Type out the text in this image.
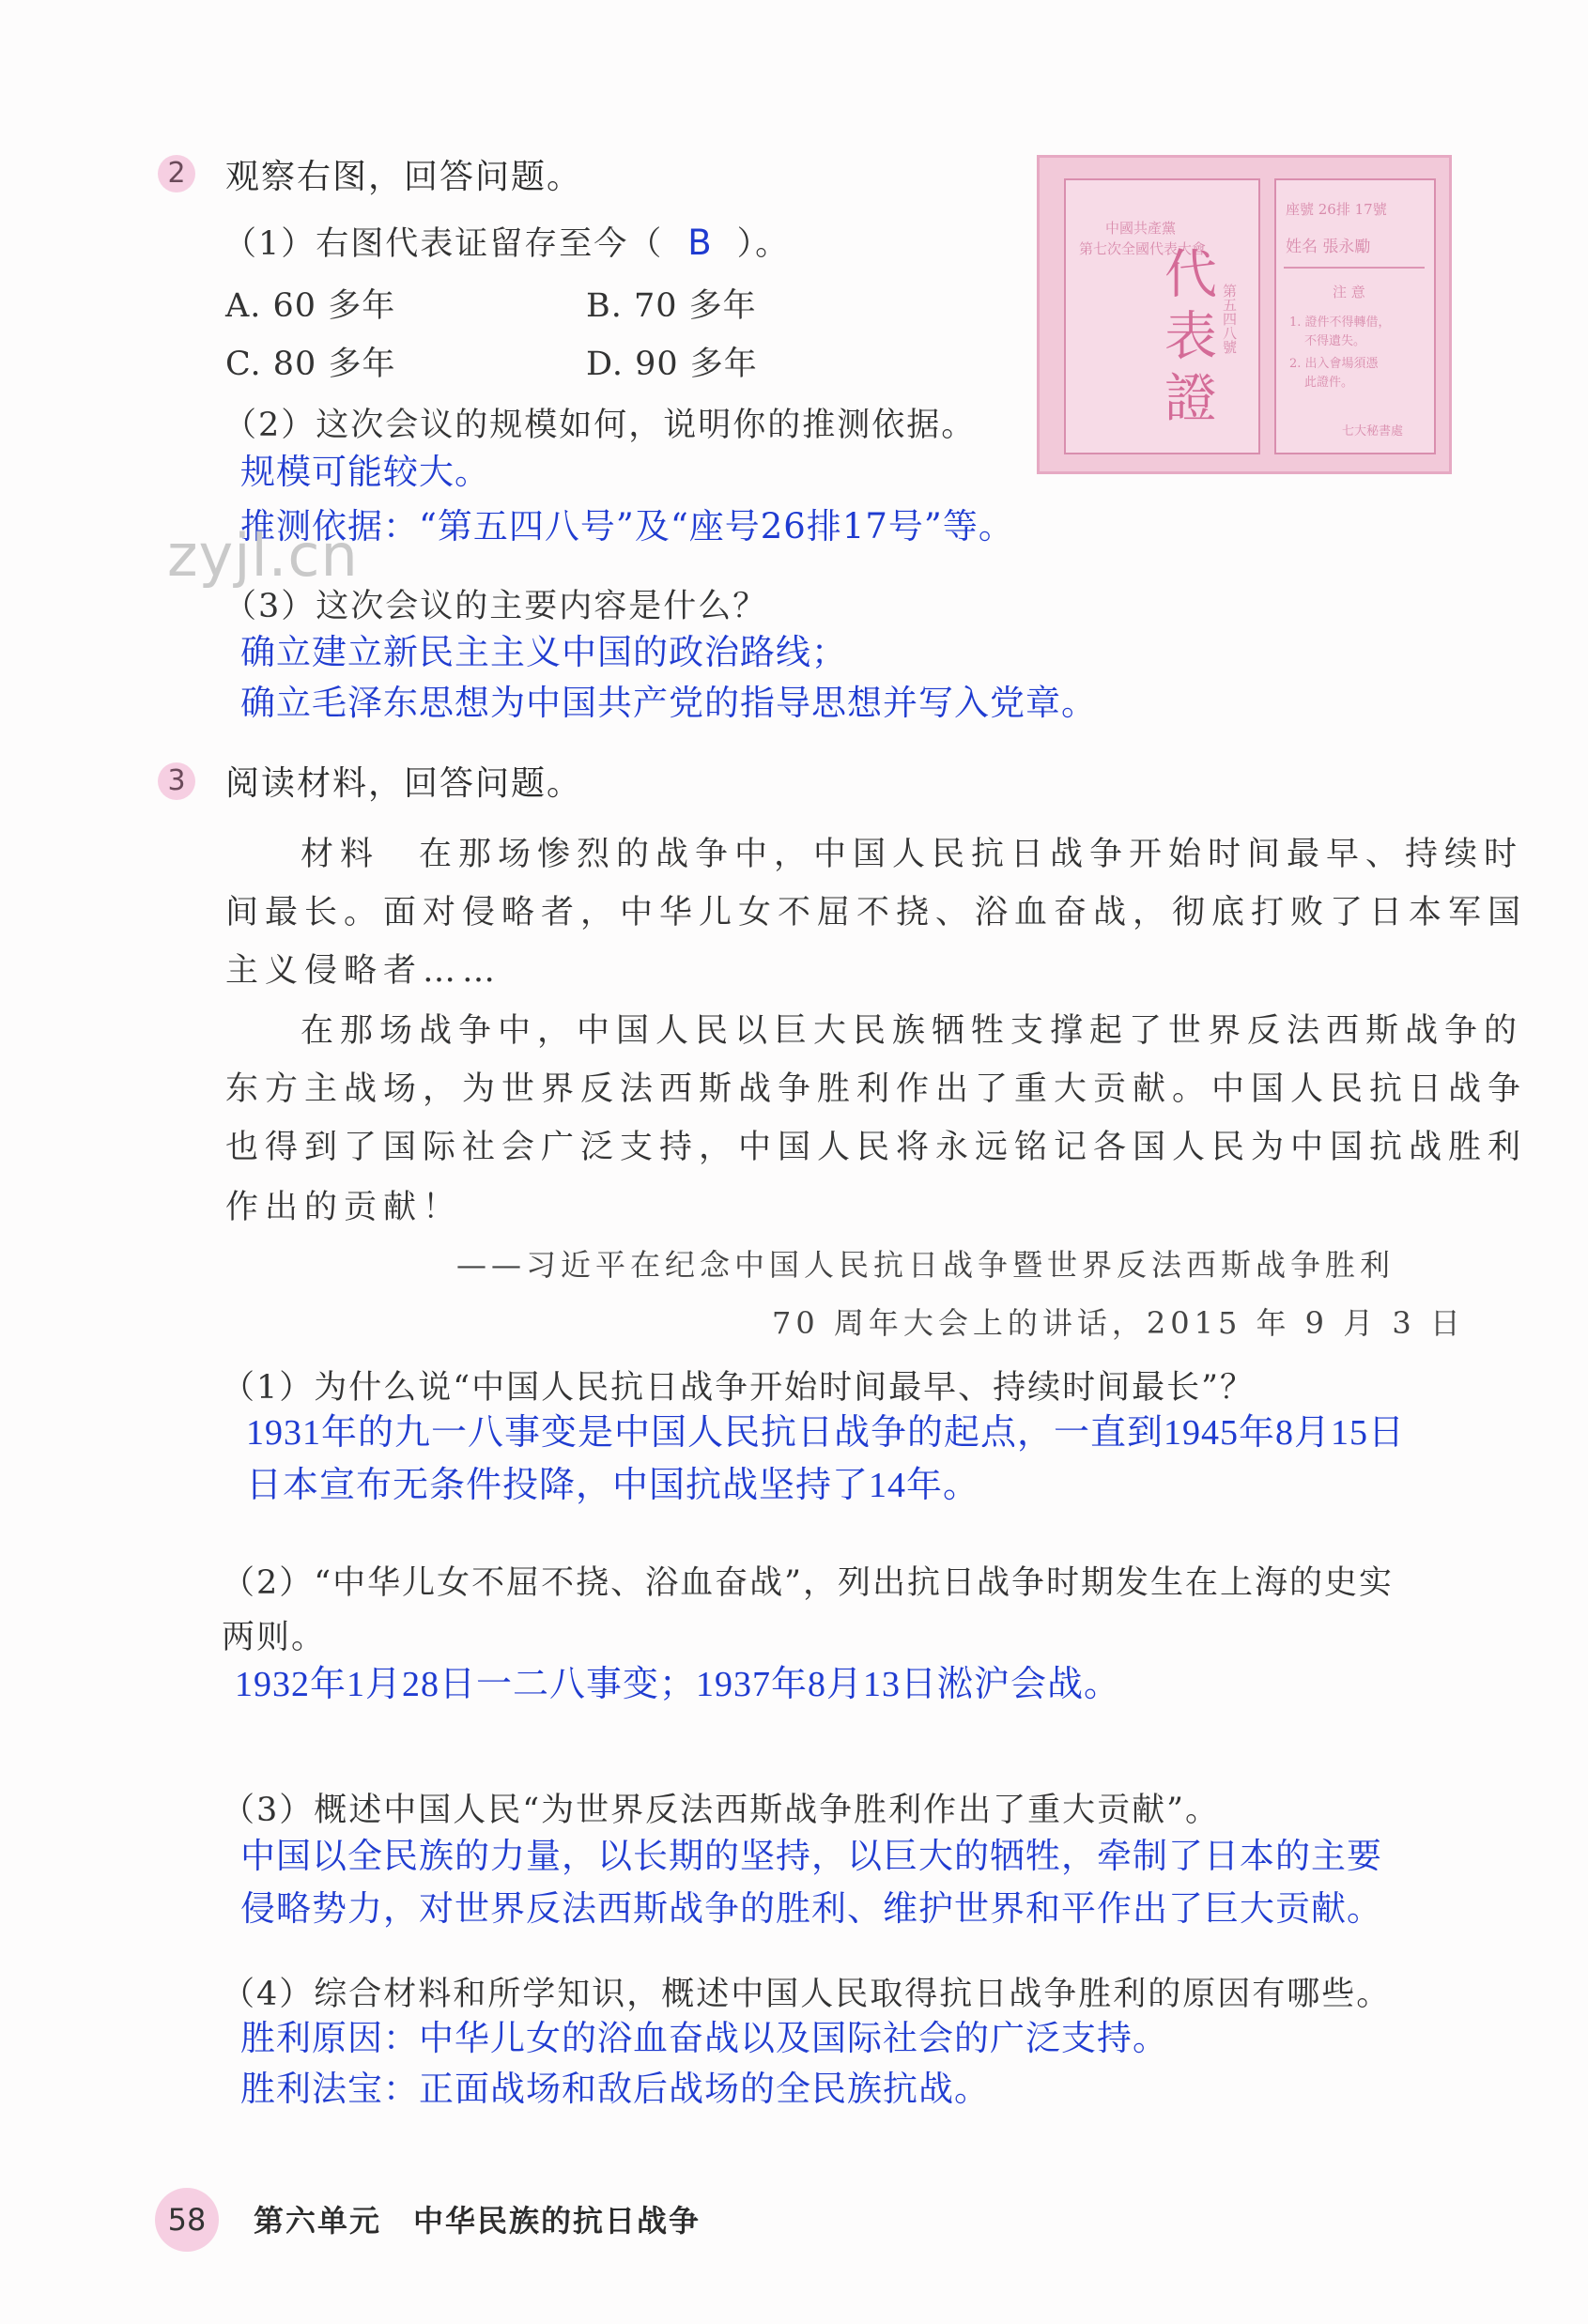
2 观察右图，回答问题。
（1）右图代表证留存至今（ B ）。
A. 60 多年	B. 70 多年
C. 80 多年	D. 90 多年
（2）这次会议的规模如何，说明你的推测依据。
规模可能较大。
推测依据：“第五四八号”及“座号26排17号”等。
（3）这次会议的主要内容是什么？
确立建立新民主主义中国的政治路线；
确立毛泽东思想为中国共产党的指导思想并写入党章。
中國共產黨
第七次全國代表大會
代表證 第五四八號
座號 26排 17號
姓名 張永勵
注 意
1. 證件不得轉借，
不得遺失。
2. 出入會場須憑
此證件。
七大秘書處
zyjl.cn
3 阅读材料，回答问题。
材料　在那场惨烈的战争中，中国人民抗日战争开始时间最早、持续时
间最长。面对侵略者，中华儿女不屈不挠、浴血奋战，彻底打败了日本军国
主义侵略者……
在那场战争中，中国人民以巨大民族牺牲支撑起了世界反法西斯战争的
东方主战场，为世界反法西斯战争胜利作出了重大贡献。中国人民抗日战争
也得到了国际社会广泛支持，中国人民将永远铭记各国人民为中国抗战胜利
作出的贡献！
——习近平在纪念中国人民抗日战争暨世界反法西斯战争胜利
70 周年大会上的讲话，2015 年 9 月 3 日
（1）为什么说“中国人民抗日战争开始时间最早、持续时间最长”？
1931年的九一八事变是中国人民抗日战争的起点，一直到1945年8月15日
日本宣布无条件投降，中国抗战坚持了14年。
（2）“中华儿女不屈不挠、浴血奋战”，列出抗日战争时期发生在上海的史实
两则。
1932年1月28日一二八事变；1937年8月13日淞沪会战。
（3）概述中国人民“为世界反法西斯战争胜利作出了重大贡献”。
中国以全民族的力量，以长期的坚持，以巨大的牺牲，牵制了日本的主要
侵略势力，对世界反法西斯战争的胜利、维护世界和平作出了巨大贡献。
（4）综合材料和所学知识，概述中国人民取得抗日战争胜利的原因有哪些。
胜利原因：中华儿女的浴血奋战以及国际社会的广泛支持。
胜利法宝：正面战场和敌后战场的全民族抗战。
58	第六单元　中华民族的抗日战争
